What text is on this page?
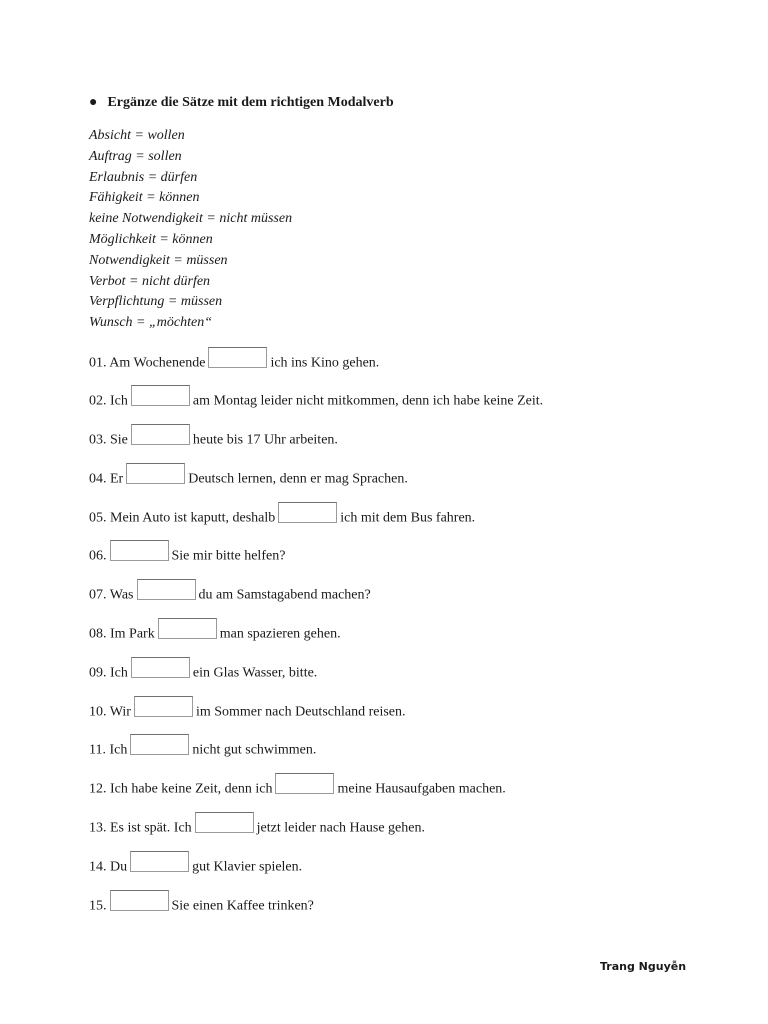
● Ergänze die Sätze mit dem richtigen Modalverb
Absicht = wollen
Auftrag = sollen
Erlaubnis = dürfen
Fähigkeit = können
keine Notwendigkeit = nicht müssen
Möglichkeit = können
Notwendigkeit = müssen
Verbot = nicht dürfen
Verpflichtung = müssen
Wunsch = „möchten“
01. Am Wochenende	ich ins Kino gehen.
02. Ich	am Montag leider nicht mitkommen, denn ich habe keine Zeit.
03. Sie	heute bis 17 Uhr arbeiten.
04. Er	Deutsch lernen, denn er mag Sprachen.
05. Mein Auto ist kaputt, deshalb	ich mit dem Bus fahren.
06.	Sie mir bitte helfen?
07. Was	du am Samstagabend machen?
08. Im Park	man spazieren gehen.
09. Ich	ein Glas Wasser, bitte.
10. Wir	im Sommer nach Deutschland reisen.
11. Ich	nicht gut schwimmen.
12. Ich habe keine Zeit, denn ich	meine Hausaufgaben machen.
13. Es ist spät. Ich	jetzt leider nach Hause gehen.
14. Du	gut Klavier spielen.
15.	Sie einen Kaffee trinken?
Trang Nguyễn
